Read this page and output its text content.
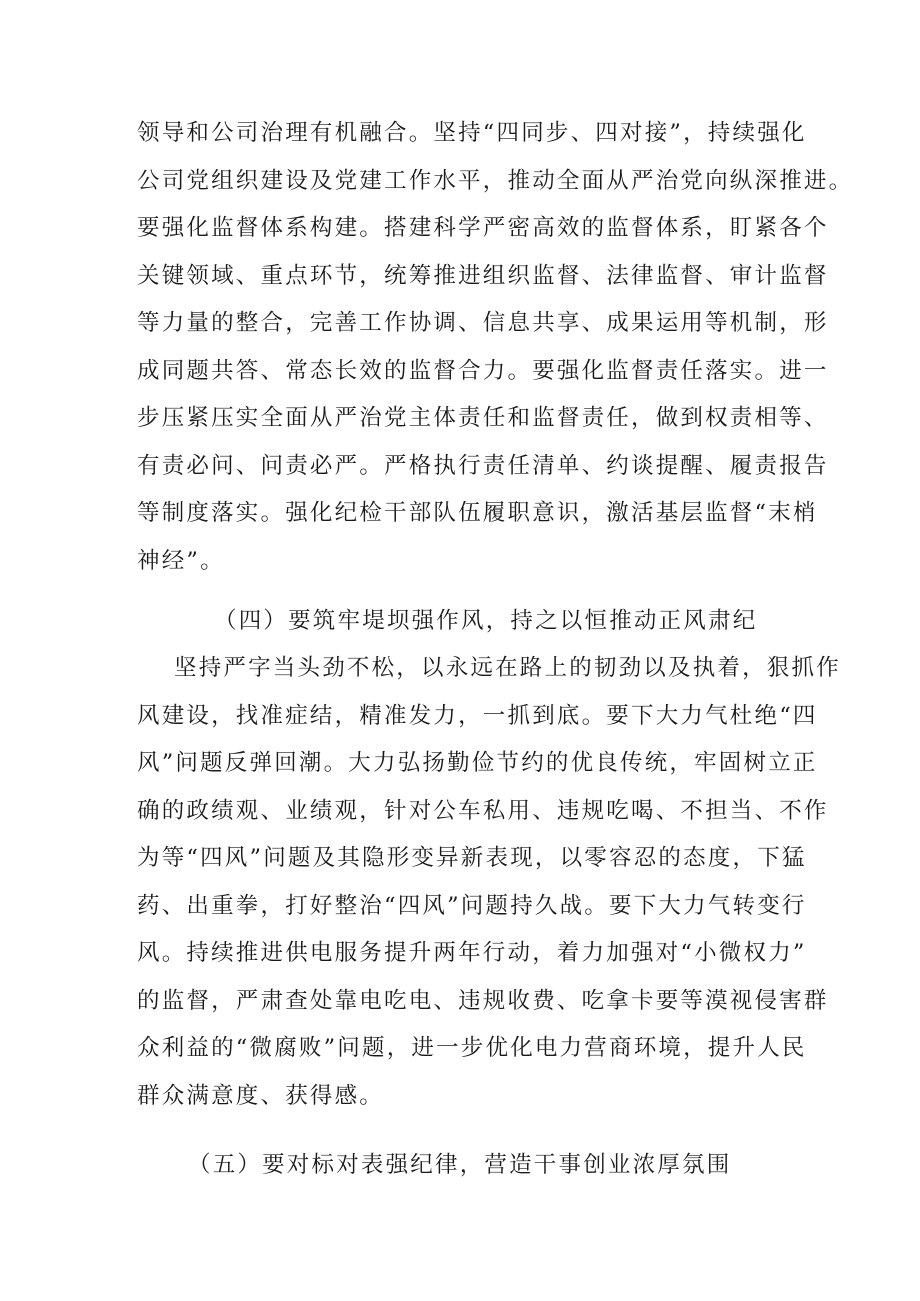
领导和公司治理有机融合。坚持“四同步、四对接”，持续强化
公司党组织建设及党建工作水平，推动全面从严治党向纵深推进。
要强化监督体系构建。搭建科学严密高效的监督体系，盯紧各个
关键领域、重点环节，统筹推进组织监督、法律监督、审计监督
等力量的整合，完善工作协调、信息共享、成果运用等机制，形
成同题共答、常态长效的监督合力。要强化监督责任落实。进一
步压紧压实全面从严治党主体责任和监督责任，做到权责相等、
有责必问、问责必严。严格执行责任清单、约谈提醒、履责报告
等制度落实。强化纪检干部队伍履职意识，激活基层监督“末梢
神经”。
（四）要筑牢堤坝强作风，持之以恒推动正风肃纪
坚持严字当头劲不松，以永远在路上的韧劲以及执着，狠抓作
风建设，找准症结，精准发力，一抓到底。要下大力气杜绝“四
风”问题反弹回潮。大力弘扬勤俭节约的优良传统，牢固树立正
确的政绩观、业绩观，针对公车私用、违规吃喝、不担当、不作
为等“四风”问题及其隐形变异新表现，以零容忍的态度，下猛
药、出重拳，打好整治“四风”问题持久战。要下大力气转变行
风。持续推进供电服务提升两年行动，着力加强对“小微权力”
的监督，严肃查处靠电吃电、违规收费、吃拿卡要等漠视侵害群
众利益的“微腐败”问题，进一步优化电力营商环境，提升人民
群众满意度、获得感。
（五）要对标对表强纪律，营造干事创业浓厚氛围
